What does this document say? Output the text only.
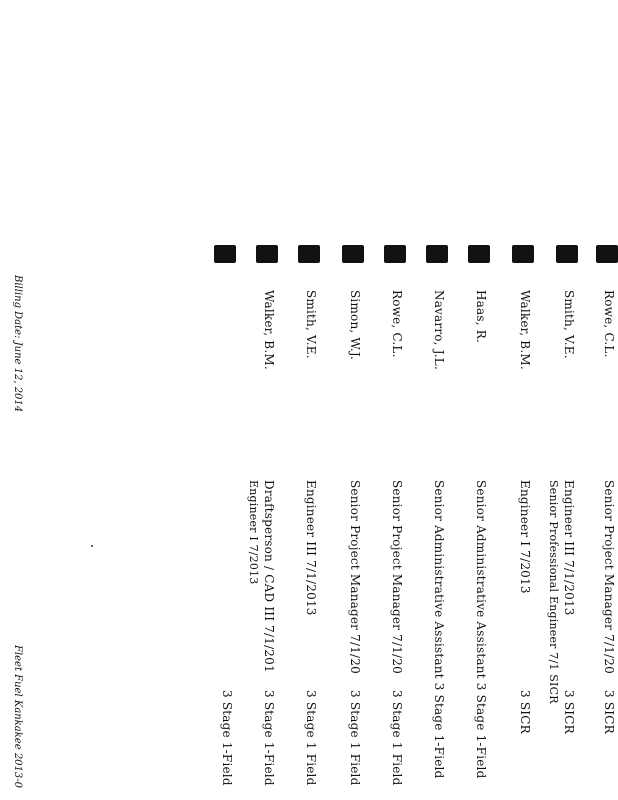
Rowe, C.L.
Senior Project Manager 7/1/20
3 SICR
Smith, V.E.
Engineer III 7/1/2013
3 SICR
Senior Professional Engineer 7/1 SICR
Walker, B.M.
Engineer I 7/2013
3 SICR
Haas, R.
Senior Administrative Assistant 3 Stage 1-Field
Navarro, J.L.
Senior Administrative Assistant 3 Stage 1-Field
Rowe, C.L.
Senior Project Manager 7/1/20
3 Stage 1 Field
Simon, W.J.
Senior Project Manager 7/1/20
3 Stage 1 Field
Smith, V.E.
Engineer III 7/1/2013
3 Stage 1 Field
Walker, B.M.
Draftsperson / CAD III 7/1/201
3 Stage 1-Field
Engineer I 7/2013
3 Stage 1-Field
Billing Date: June 12, 2014
Fleet Fuel Kankakee 2013-0
